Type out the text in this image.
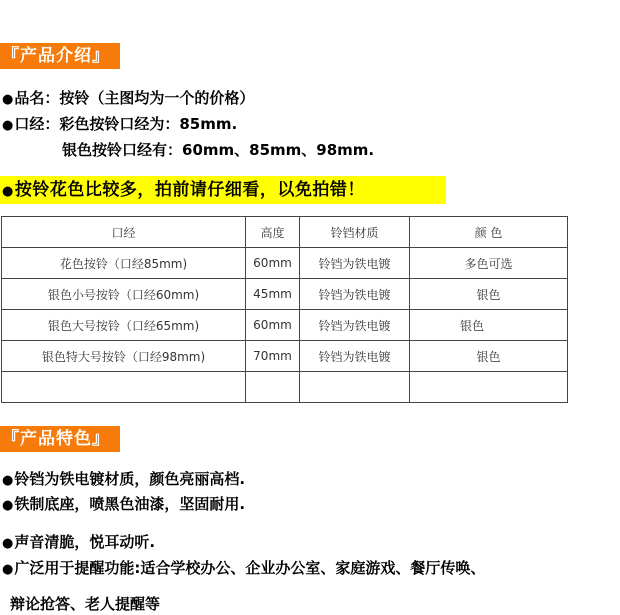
『产品介绍』
●品名：按铃（主图均为一个的价格）
●口经：彩色按铃口经为：85mm.
银色按铃口经有：60mm、85mm、98mm.
●按铃花色比较多，拍前请仔细看，以免拍错！
口经	高度	铃铛材质	颜 色
花色按铃（口经85mm)	60mm	铃铛为铁电镀	多色可选
银色小号按铃（口经60mm)	45mm	铃铛为铁电镀	银色
银色大号按铃（口经65mm)	60mm	铃铛为铁电镀	银色
银色特大号按铃（口经98mm)	70mm	铃铛为铁电镀	银色

『产品特色』
●铃铛为铁电镀材质，颜色亮丽高档.
●铁制底座，喷黑色油漆，坚固耐用.
●声音清脆，悦耳动听.
●广泛用于提醒功能:适合学校办公、企业办公室、家庭游戏、餐厅传唤、
辩论抢答、老人提醒等
